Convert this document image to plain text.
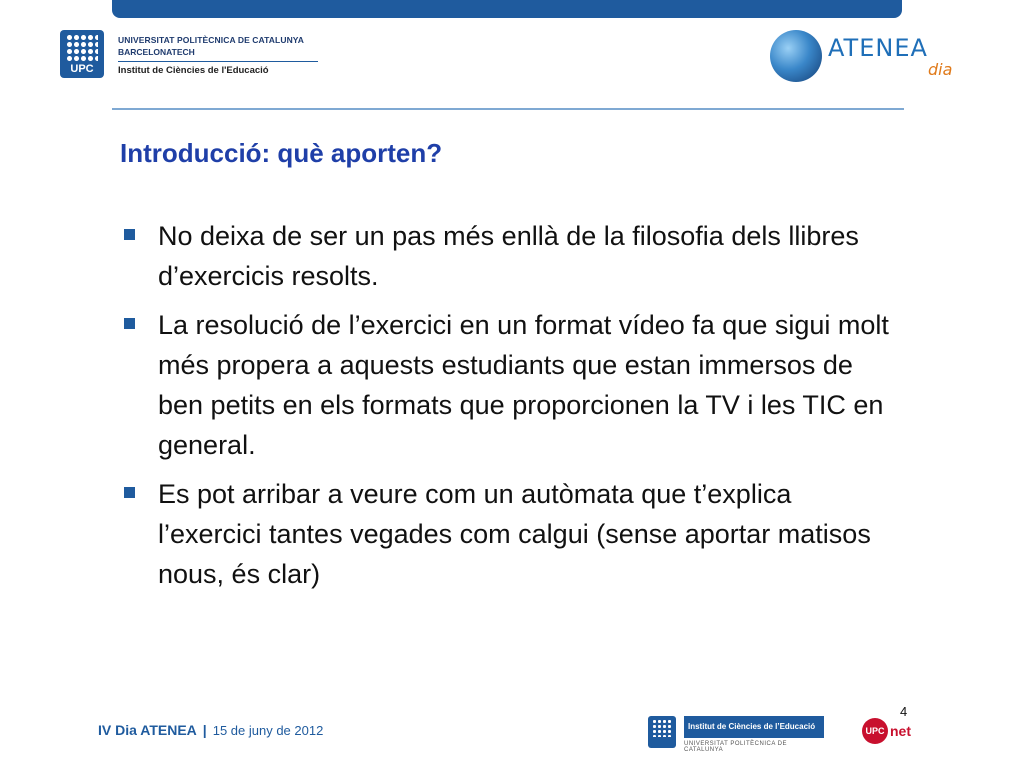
UPC
UNIVERSITAT POLITÈCNICA DE CATALUNYA
BARCELONATECH
Institut de Ciències de l'Educació
ATENEA
dia
Introducció: què aporten?
No deixa de ser un pas més enllà de la filosofia dels llibres d’exercicis resolts.
La resolució de l’exercici en un format vídeo fa que sigui molt més propera a aquests estudiants que estan immersos de ben petits en els formats que proporcionen la TV i les TIC en general.
Es pot arribar a veure com un autòmata que t’explica l’exercici tantes vegades com calgui (sense aportar matisos nous, és clar)
IV Dia ATENEA | 15 de juny de 2012
4
Institut de Ciències de l’Educació
UNIVERSITAT POLITÈCNICA DE CATALUNYA
UPC net
